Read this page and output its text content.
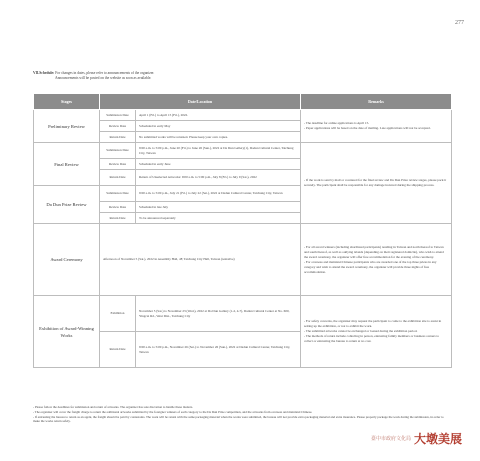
277
VII.Schedule: For changes in dates, please refer to announcements of the organizer.
Announcements will be posted on the website as soon as available.
Stages	Date/Location		Remarks
Preliminary Review	Submission Date	April 1 (Fri.) to April 15 (Fri.), 2022.	- The deadline for online applications is April 15.
- Paper applications will be based on the date of mailing. Late applications will not be accepted.

	Review Date	Scheduled in early May	
	Return Date	No submitted works will be returned. Please keep your own copies.	
Final Review	Submission Date	9:00 a.m. to 5:00 p.m., June 20 (Fri.) to June 26 (Sun.), 2022 at Da Dun Gallery(1), Dadun Cultural Center, Taichung City, Taiwan	- If the work is sent by mail or couriered for the final review and Da Dun Prize review stages, please pack it securely. The participant shall be responsible for any damage incurred during the shipping process.
	Review Date	Scheduled in early June	
	Return Date	Return of Unselected Artworks: 9:00 a.m. to 5:00 p.m., July 8 (Fri.) to July 9 (Sat.), 2022	
Da Dun Prize Review	Submission Date	9:00 a.m. to 5:00 p.m., July 21 (Fri.) to July 22 (Sat.), 2022 at Dadun Cultural Center, Taichung City, Taiwan	
	Review Date	Scheduled in late July	
	Return Date	To be announced separately	
Award Ceremony	Afternoon of November 5 (Sat.), 2022 in Assembly Hall, 4F, Taichung City Hall, Taiwan (tentative)		- For all award winners (including shortlisted participants) residing in Taiwan and north thereof to Taiwan and south thereof, as well as outlying islands (depending on their registered domicile), who wish to attend the award ceremony, the organizer will offer free accommodation for the evening of the ceremony.
- For overseas and mainland Chinese participants who are awarded one of the top three prizes in any category and wish to attend the award ceremony, the organizer will provide three nights of free accommodation.

Exhibition of Award-Winning Works	Exhibition	November 5 (Sat.) to November 23 (Wed.), 2022 at Da Dun Gallery (1-2, 4-7), Dadun Cultural Center at No. 600, Yingcai Rd., West Dist., Taichung City	- For safety concerns, the organizer may request the participant to come to the exhibition site to assist in setting up the exhibition, or not to exhibit the work.
- The submitted artworks cannot be exchanged or loaned during the exhibition period.
- The methods of return include collecting in person, entrusting family members or business owners to collect or entrusting the bureau to return at no cost.

	Return Date	9:00 a.m. to 5:00 p.m., November 26 (Sat.) to November 26 (Sun.), 2022 at Dadun Cultural Center, Taichung City, Taiwan	

- Please follow the deadlines for submission and return of artworks. The organizer has sole discretion to handle these matters.

- The organizer will cover the freight charge to return the additional artworks submitted by the foreigner winners of each category to the Da Dun Prize competition, and the artworks from overseas and mainland Chinese.

- If entrusting the bureau to return as an agent, the freight should be paid by contestants. The work will be return with the same packaging material when the works were submitted, the bureau will not provide extra packaging material and extra insurance. Please properly package the work during the submission, in order to make the works return safely.

臺中市政府文化局 大墩美展
